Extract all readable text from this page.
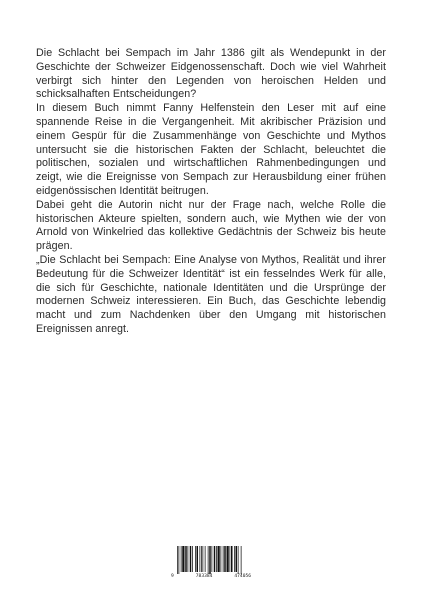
Die Schlacht bei Sempach im Jahr 1386 gilt als Wendepunkt in der Geschichte der Schweizer Eidgenossenschaft. Doch wie viel Wahrheit verbirgt sich hinter den Legenden von heroischen Helden und schicksalhaften Entscheidungen?

In diesem Buch nimmt Fanny Helfenstein den Leser mit auf eine spannende Reise in die Vergangenheit. Mit akribischer Präzision und einem Gespür für die Zusammenhänge von Geschichte und Mythos untersucht sie die historischen Fakten der Schlacht, beleuchtet die politischen, sozialen und wirtschaftlichen Rahmenbedingungen und zeigt, wie die Ereignisse von Sempach zur Herausbildung einer frühen eidgenössischen Identität beitrugen.

Dabei geht die Autorin nicht nur der Frage nach, welche Rolle die historischen Akteure spielten, sondern auch, wie Mythen wie der von Arnold von Winkelried das kollektive Gedächtnis der Schweiz bis heute prägen.

„Die Schlacht bei Sempach: Eine Analyse von Mythos, Realität und ihrer Bedeutung für die Schweizer Identität“ ist ein fesselndes Werk für alle, die sich für Geschichte, nationale Identitäten und die Ursprünge der modernen Schweiz interessieren. Ein Buch, das Geschichte lebendig macht und zum Nachdenken über den Umgang mit historischen Ereignissen anregt.

9	783384	474056
